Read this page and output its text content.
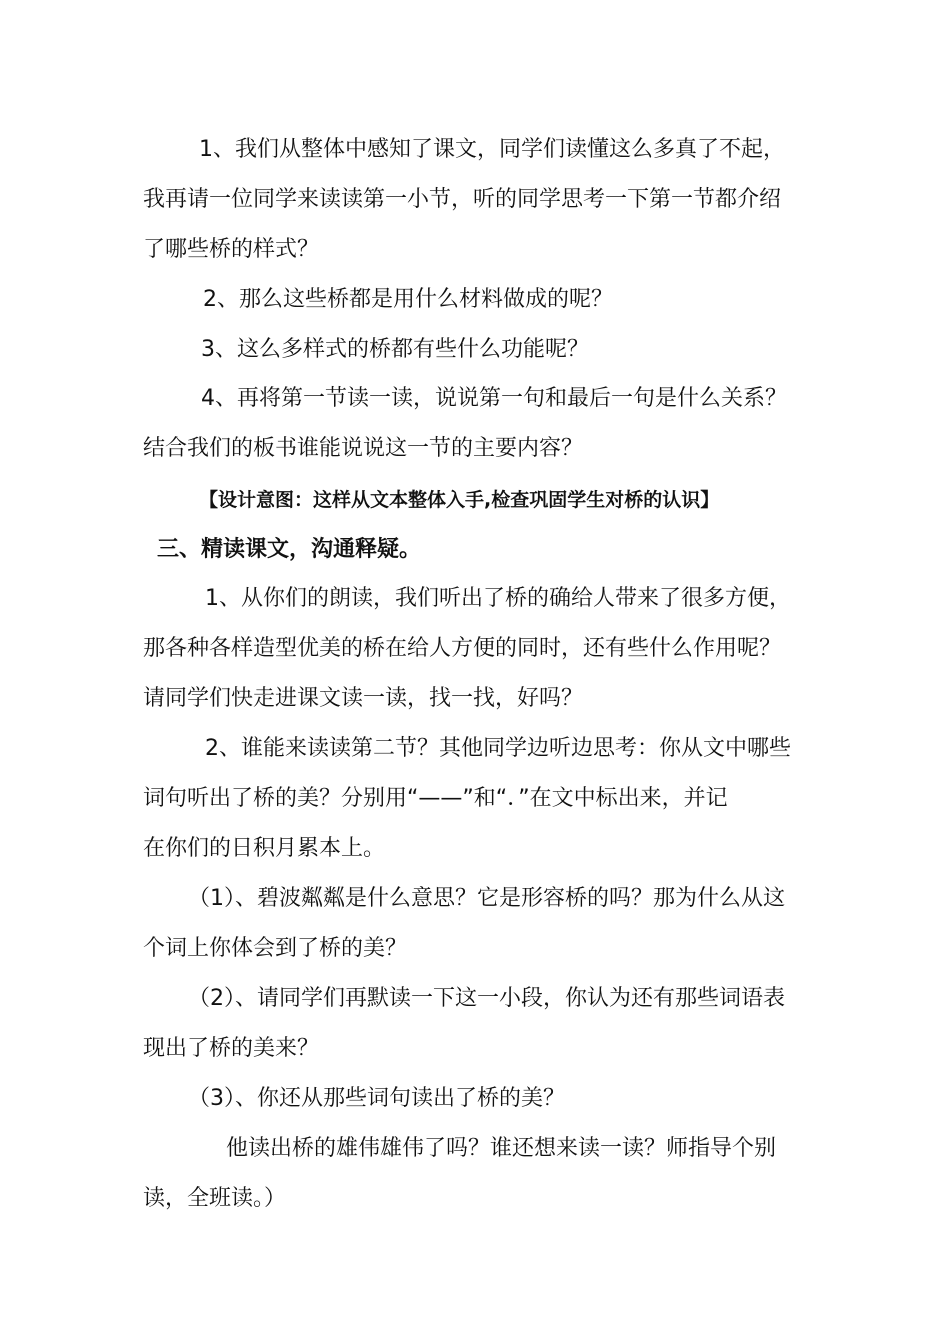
1、我们从整体中感知了课文，同学们读懂这么多真了不起，
我再请一位同学来读读第一小节，听的同学思考一下第一节都介绍
了哪些桥的样式？
2、那么这些桥都是用什么材料做成的呢？
3、这么多样式的桥都有些什么功能呢？
4、再将第一节读一读，说说第一句和最后一句是什么关系？
结合我们的板书谁能说说这一节的主要内容？
【设计意图：这样从文本整体入手,检查巩固学生对桥的认识】
三、精读课文，沟通释疑。
1、从你们的朗读，我们听出了桥的确给人带来了很多方便，
那各种各样造型优美的桥在给人方便的同时，还有些什么作用呢？
请同学们快走进课文读一读，找一找，好吗？
2、谁能来读读第二节？其他同学边听边思考：你从文中哪些
词句听出了桥的美？分别用“——”和“．”在文中标出来，并记
在你们的日积月累本上。
（1）、碧波粼粼是什么意思？它是形容桥的吗？那为什么从这
个词上你体会到了桥的美？
（2）、请同学们再默读一下这一小段，你认为还有那些词语表
现出了桥的美来？
（3）、你还从那些词句读出了桥的美？
他读出桥的雄伟雄伟了吗？谁还想来读一读？师指导个别
读，全班读。）
